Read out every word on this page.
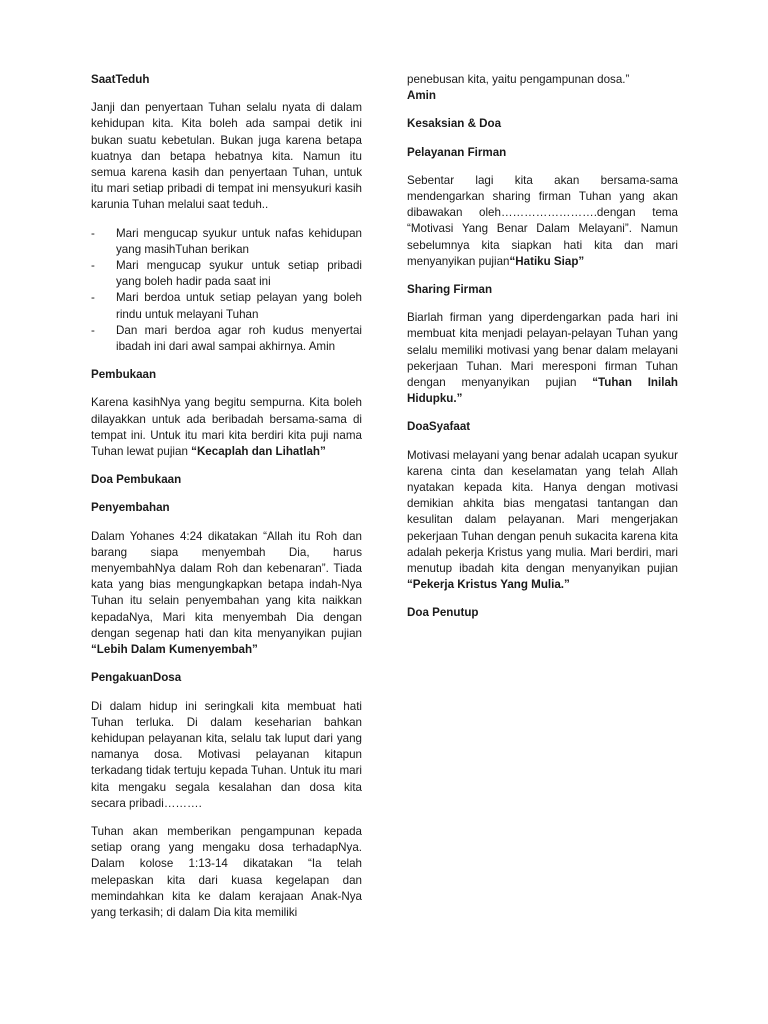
SaatTeduh

Janji dan penyertaan Tuhan selalu nyata di dalam kehidupan kita. Kita boleh ada sampai detik ini bukan suatu kebetulan. Bukan juga karena betapa kuatnya dan betapa hebatnya kita. Namun itu semua karena kasih dan penyertaan Tuhan, untuk itu mari setiap pribadi di tempat ini mensyukuri kasih karunia Tuhan melalui saat teduh..

- Mari mengucap syukur untuk nafas kehidupan yang masihTuhan berikan
- Mari mengucap syukur untuk setiap pribadi yang boleh hadir pada saat ini
- Mari berdoa untuk setiap pelayan yang boleh rindu untuk melayani Tuhan
- Dan mari berdoa agar roh kudus menyertai ibadah ini dari awal sampai akhirnya. Amin

Pembukaan

Karena kasihNya yang begitu sempurna. Kita boleh dilayakkan untuk ada beribadah bersama-sama di tempat ini. Untuk itu mari kita berdiri kita puji nama Tuhan lewat pujian “Kecaplah dan Lihatlah”

Doa Pembukaan

Penyembahan

Dalam Yohanes 4:24 dikatakan “Allah itu Roh dan barang siapa menyembah Dia, harus menyembahNya dalam Roh dan kebenaran”. Tiada kata yang bias mengungkapkan betapa indah-Nya Tuhan itu selain penyembahan yang kita naikkan kepadaNya, Mari kita menyembah Dia dengan dengan segenap hati dan kita menyanyikan pujian “Lebih Dalam Kumenyembah”

PengakuanDosa

Di dalam hidup ini seringkali kita membuat hati Tuhan terluka. Di dalam keseharian bahkan kehidupan pelayanan kita, selalu tak luput dari yang namanya dosa. Motivasi pelayanan kitapun terkadang tidak tertuju kepada Tuhan. Untuk itu mari kita mengaku segala kesalahan dan dosa kita secara pribadi……….

Tuhan akan memberikan pengampunan kepada setiap orang yang mengaku dosa terhadapNya. Dalam kolose 1:13-14 dikatakan “Ia telah melepaskan kita dari kuasa kegelapan dan memindahkan kita ke dalam kerajaan Anak-Nya yang terkasih; di dalam Dia kita memiliki

penebusan kita, yaitu pengampunan dosa.”
Amin

Kesaksian & Doa

Pelayanan Firman

Sebentar lagi kita akan bersama-sama mendengarkan sharing firman Tuhan yang akan dibawakan oleh…………………….dengan tema “Motivasi Yang Benar Dalam Melayani”. Namun sebelumnya kita siapkan hati kita dan mari menyanyikan pujian“Hatiku Siap”

Sharing Firman

Biarlah firman yang diperdengarkan pada hari ini membuat kita menjadi pelayan-pelayan Tuhan yang selalu memiliki motivasi yang benar dalam melayani pekerjaan Tuhan. Mari meresponi firman Tuhan dengan menyanyikan pujian “Tuhan Inilah Hidupku.”

DoaSyafaat

Motivasi melayani yang benar adalah ucapan syukur karena cinta dan keselamatan yang telah Allah nyatakan kepada kita. Hanya dengan motivasi demikian ahkita bias mengatasi tantangan dan kesulitan dalam pelayanan. Mari mengerjakan pekerjaan Tuhan dengan penuh sukacita karena kita adalah pekerja Kristus yang mulia. Mari berdiri, mari menutup ibadah kita dengan menyanyikan pujian “Pekerja Kristus Yang Mulia.”

Doa Penutup
